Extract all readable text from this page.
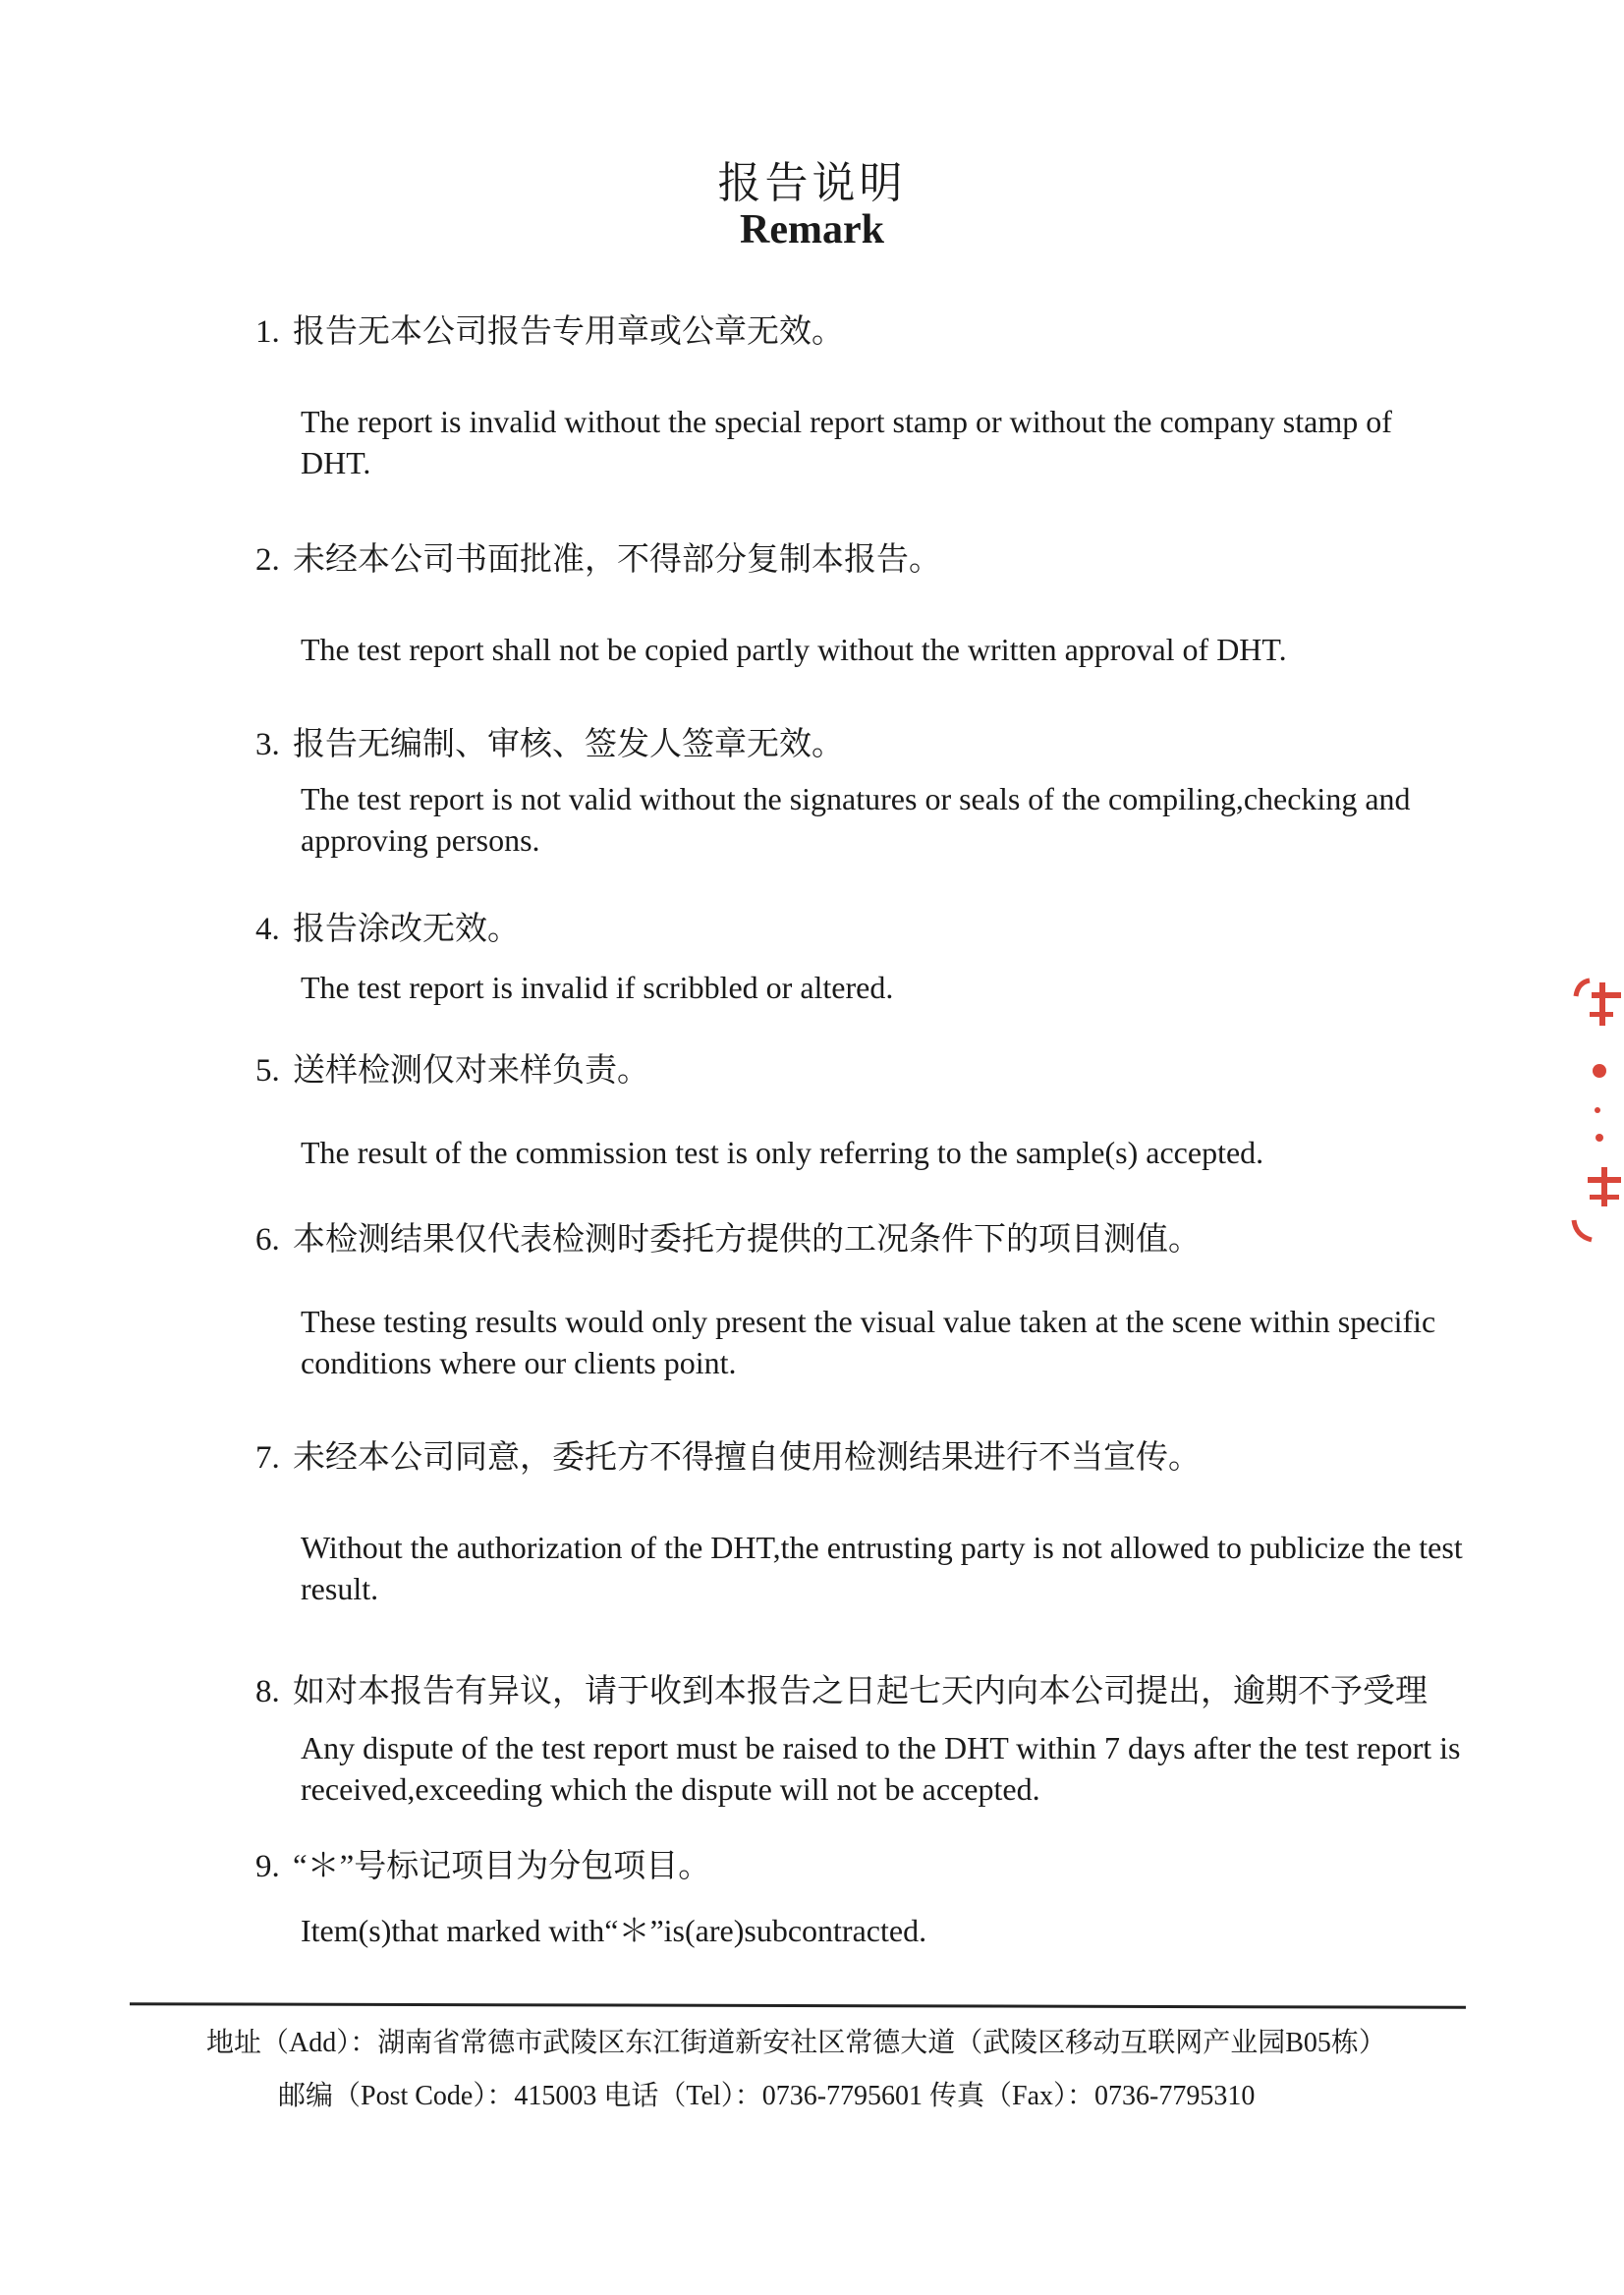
报告说明
Remark
1. 报告无本公司报告专用章或公章无效。
The report is invalid without the special report stamp or without the company stamp of DHT.
2. 未经本公司书面批准，不得部分复制本报告。
The test report shall not be copied partly without the written approval of DHT.
3. 报告无编制、审核、签发人签章无效。
The test report is not valid without the signatures or seals of the compiling,checking and approving persons.
4. 报告涂改无效。
The test report is invalid if scribbled or altered.
5. 送样检测仅对来样负责。
The result of the commission test is only referring to the sample(s) accepted.
6. 本检测结果仅代表检测时委托方提供的工况条件下的项目测值。
These testing results would only present the visual value taken at the scene within specific conditions where our clients point.
7. 未经本公司同意，委托方不得擅自使用检测结果进行不当宣传。
Without the authorization of the DHT,the entrusting party is not allowed to publicize the test result.
8. 如对本报告有异议，请于收到本报告之日起七天内向本公司提出，逾期不予受理
Any dispute of the test report must be raised to the DHT within 7 days after the test report is received,exceeding which the dispute will not be accepted.
9. “＊”号标记项目为分包项目。
Item(s)that marked with“＊”is(are)subcontracted.
地址（Add）：湖南省常德市武陵区东江街道新安社区常德大道（武陵区移动互联网产业园B05栋）
邮编（Post Code）：415003 电话（Tel）：0736-7795601 传真（Fax）：0736-7795310
